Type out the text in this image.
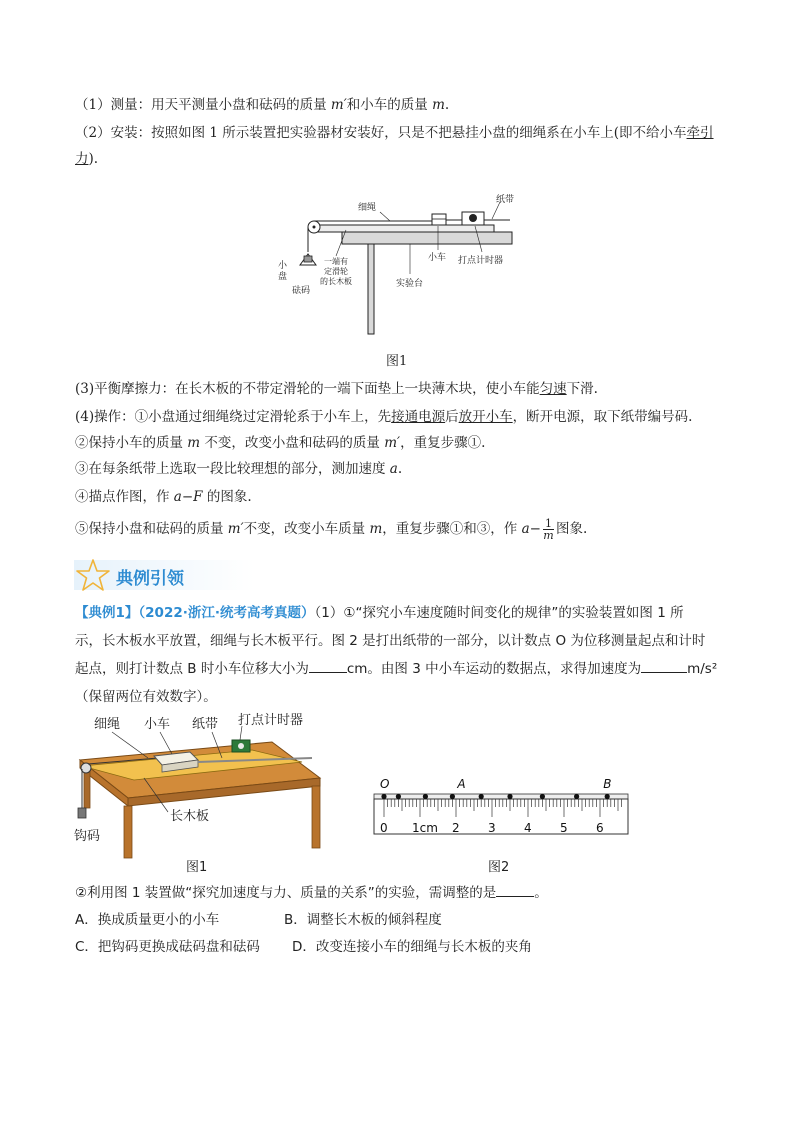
（1）测量：用天平测量小盘和砝码的质量 m′和小车的质量 m.
（2）安装：按照如图 1 所示装置把实验器材安装好，只是不把悬挂小盘的细绳系在小车上(即不给小车牵引
力).
细绳
纸带
小
盘
砝码
一端有
定滑轮
的长木板
小车 打点计时器
实验台
图1
(3)平衡摩擦力：在长木板的不带定滑轮的一端下面垫上一块薄木块，使小车能匀速下滑.
(4)操作：①小盘通过细绳绕过定滑轮系于小车上，先接通电源后放开小车，断开电源，取下纸带编号码.
②保持小车的质量 m 不变，改变小盘和砝码的质量 m′，重复步骤①.
③在每条纸带上选取一段比较理想的部分，测加速度 a.
④描点作图，作 a−F 的图象.
⑤保持小盘和砝码的质量 m′不变，改变小车质量 m，重复步骤①和③，作 $a- \frac{1}{m}$ 图象.
典例引领
【典例1】（2022·浙江·统考高考真题）（1）①“探究小车速度随时间变化的规律”的实验装置如图 1 所
示，长木板水平放置，细绳与长木板平行。图 2 是打出纸带的一部分，以计数点 O 为位移测量起点和计时
起点，则打计数点 B 时小车位移大小为	cm。由图 3 中小车运动的数据点，求得加速度为	m/s²
（保留两位有效数字）。
细绳 小车 纸带 打点计时器
长木板
钩码
图1
O	A	B
0 1cm 2 3 4 5 6
图2
②利用图 1 装置做“探究加速度与力、质量的关系”的实验，需调整的是	。
A．换成质量更小的小车	B．调整长木板的倾斜程度
C．把钩码更换成砝码盘和砝码 D．改变连接小车的细绳与长木板的夹角
